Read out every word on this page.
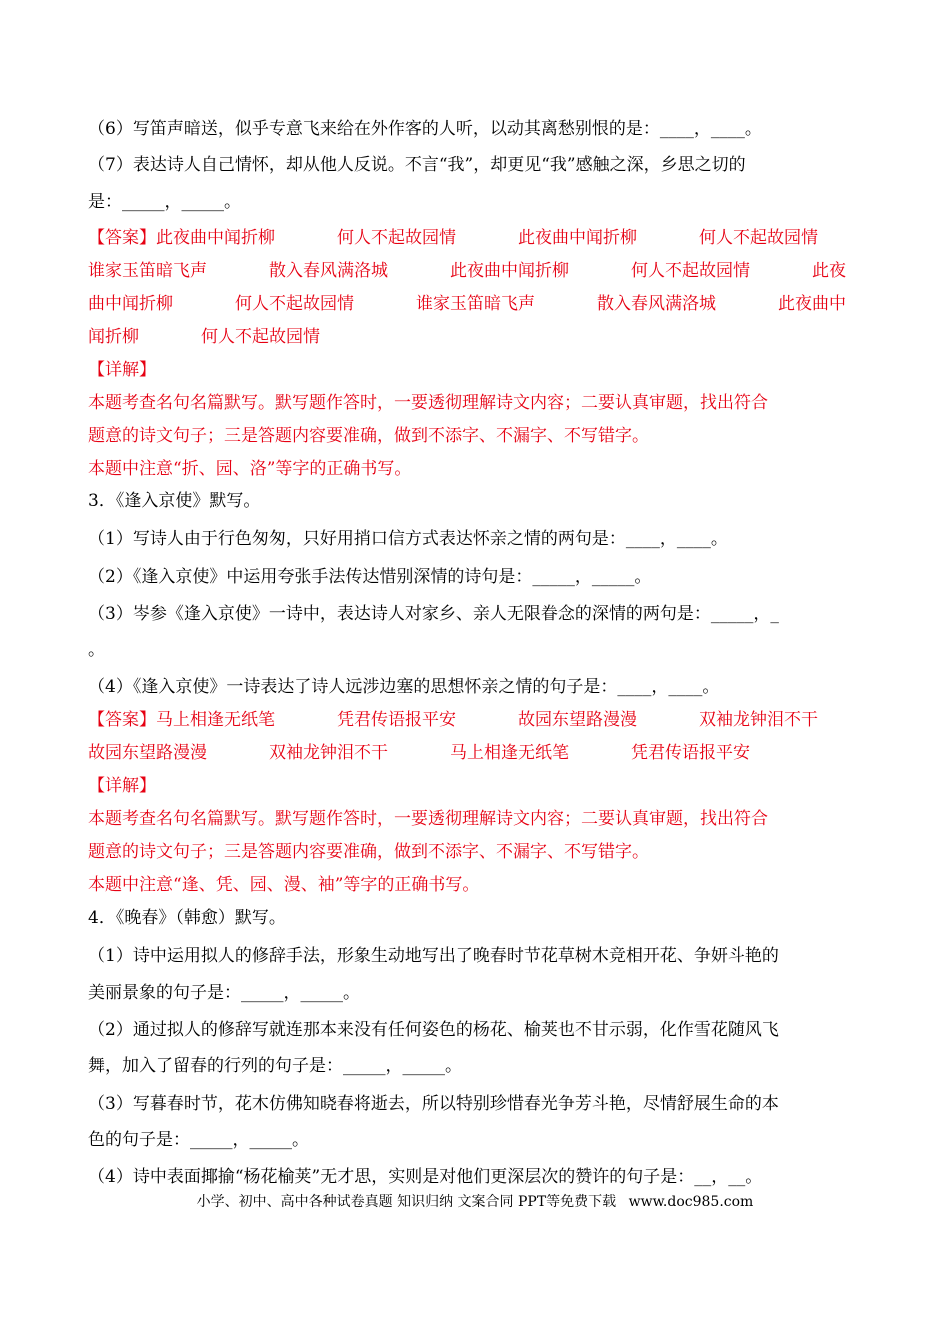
（6）写笛声暗送，似乎专意飞来给在外作客的人听，以动其离愁别恨的是：____，____。
（7）表达诗人自己情怀，却从他人反说。不言“我”，却更见“我”感触之深，乡思之切的
是：_____，_____。
【答案】此夜曲中闻折柳	何人不起故园情	此夜曲中闻折柳	何人不起故园情
谁家玉笛暗飞声	散入春风满洛城	此夜曲中闻折柳	何人不起故园情	此夜
曲中闻折柳	何人不起故园情	谁家玉笛暗飞声	散入春风满洛城	此夜曲中
闻折柳	何人不起故园情
【详解】
本题考查名句名篇默写。默写题作答时，一要透彻理解诗文内容；二要认真审题，找出符合
题意的诗文句子；三是答题内容要准确，做到不添字、不漏字、不写错字。
本题中注意“折、园、洛”等字的正确书写。
3．《逢入京使》默写。
（1）写诗人由于行色匆匆，只好用捎口信方式表达怀亲之情的两句是：____，____。
（2）《逢入京使》中运用夸张手法传达惜别深情的诗句是：_____，_____。
（3）岑参《逢入京使》一诗中，表达诗人对家乡、亲人无限眷念的深情的两句是：_____，_
。
（4）《逢入京使》一诗表达了诗人远涉边塞的思想怀亲之情的句子是：____，____。
【答案】马上相逢无纸笔	凭君传语报平安	故园东望路漫漫	双袖龙钟泪不干
故园东望路漫漫	双袖龙钟泪不干	马上相逢无纸笔	凭君传语报平安
【详解】
本题考查名句名篇默写。默写题作答时，一要透彻理解诗文内容；二要认真审题，找出符合
题意的诗文句子；三是答题内容要准确，做到不添字、不漏字、不写错字。
本题中注意“逢、凭、园、漫、袖”等字的正确书写。
4．《晚春》（韩愈）默写。
（1）诗中运用拟人的修辞手法，形象生动地写出了晚春时节花草树木竞相开花、争妍斗艳的
美丽景象的句子是：_____，_____。
（2）通过拟人的修辞写就连那本来没有任何姿色的杨花、榆荚也不甘示弱，化作雪花随风飞
舞，加入了留春的行列的句子是：_____，_____。
（3）写暮春时节，花木仿佛知晓春将逝去，所以特别珍惜春光争芳斗艳，尽情舒展生命的本
色的句子是：_____，_____。
（4）诗中表面揶揄“杨花榆荚”无才思，实则是对他们更深层次的赞许的句子是：__，__。
小学、初中、高中各种试卷真题 知识归纳 文案合同 PPT等免费下载 www.doc985.com
